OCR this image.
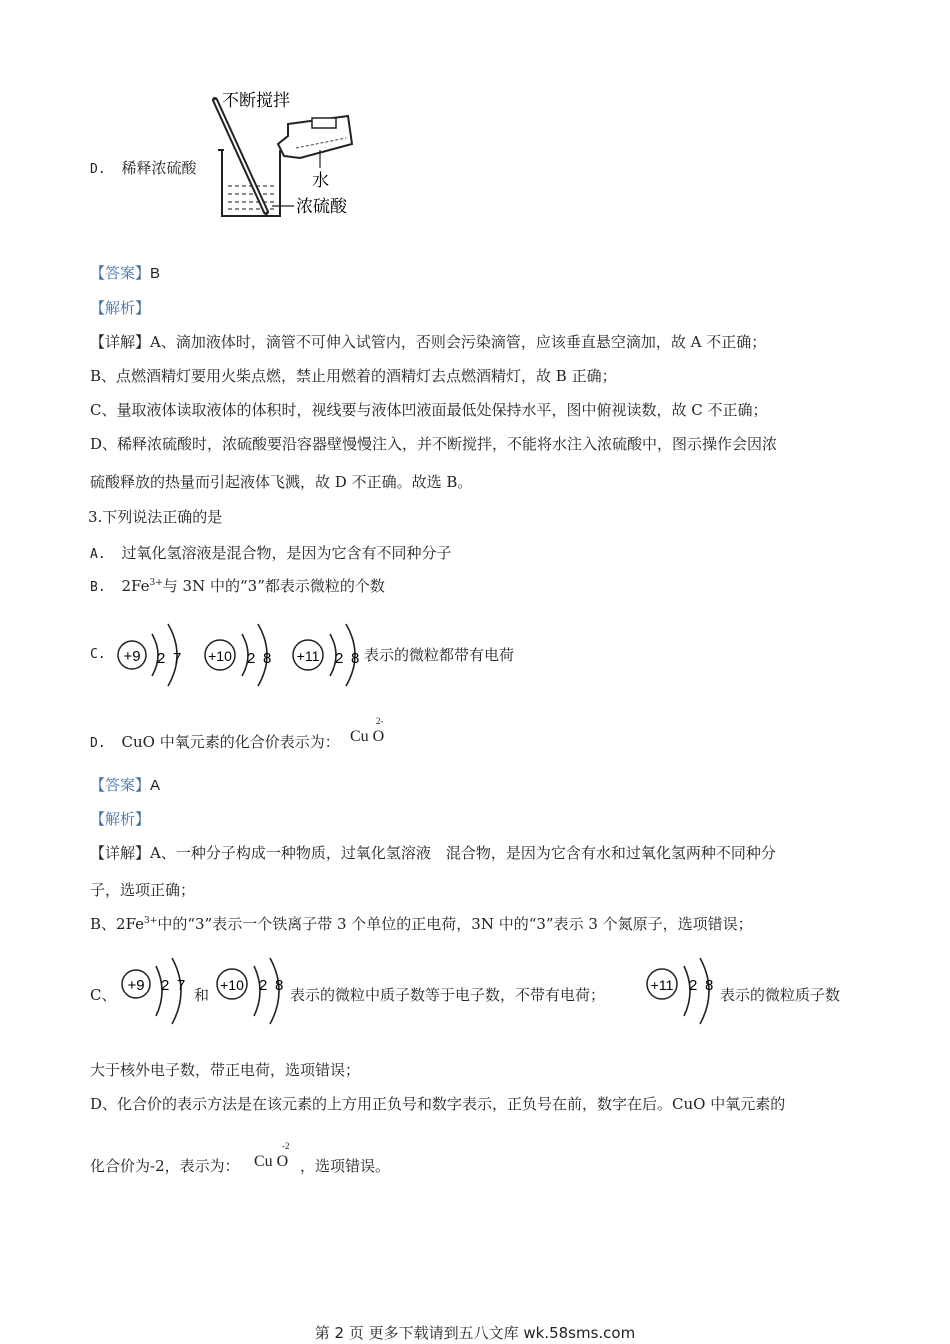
D. 稀释浓硫酸
不断搅拌
水
浓硫酸
【答案】B
【解析】
【详解】A、滴加液体时，滴管不可伸入试管内，否则会污染滴管，应该垂直悬空滴加，故 A 不正确；
B、点燃酒精灯要用火柴点燃，禁止用燃着的酒精灯去点燃酒精灯，故 B 正确；
C、量取液体读取液体的体积时，视线要与液体凹液面最低处保持水平，图中俯视读数，故 C 不正确；
D、稀释浓硫酸时，浓硫酸要沿容器壁慢慢注入，并不断搅拌，不能将水注入浓硫酸中，图示操作会因浓
硫酸释放的热量而引起液体飞溅，故 D 不正确。故选 B。
3.下列说法正确的是
A. 过氧化氢溶液是混合物，是因为它含有不同种分子
B. $2Fe^{3+}$与 3N 中的“3”都表示微粒的个数
C. +9 2 7 +10 2 8 +11 2 8 表示的微粒都带有电荷
D. CuO 中氧元素的化合价表示为：
2-
Cu O
【答案】A
【解析】
【详解】A、一种分子构成一种物质，过氧化氢溶液　混合物，是因为它含有水和过氧化氢两种不同种分
子，选项正确；
B、$2Fe^{3+}$中的“3”表示一个铁离子带 3 个单位的正电荷，3N 中的“3”表示 3 个氮原子，选项错误；
C、
+9 2 7
和
+10 2 8
表示的微粒中质子数等于电子数，不带有电荷；
+11 2 8
表示的微粒质子数
大于核外电子数，带正电荷，选项错误；
D、化合价的表示方法是在该元素的上方用正负号和数字表示，正负号在前，数字在后。CuO 中氧元素的
化合价为-2，表示为：
-2
Cu O ，选项错误。
第 2 页 更多下载请到五八文库 wk.58sms.com
